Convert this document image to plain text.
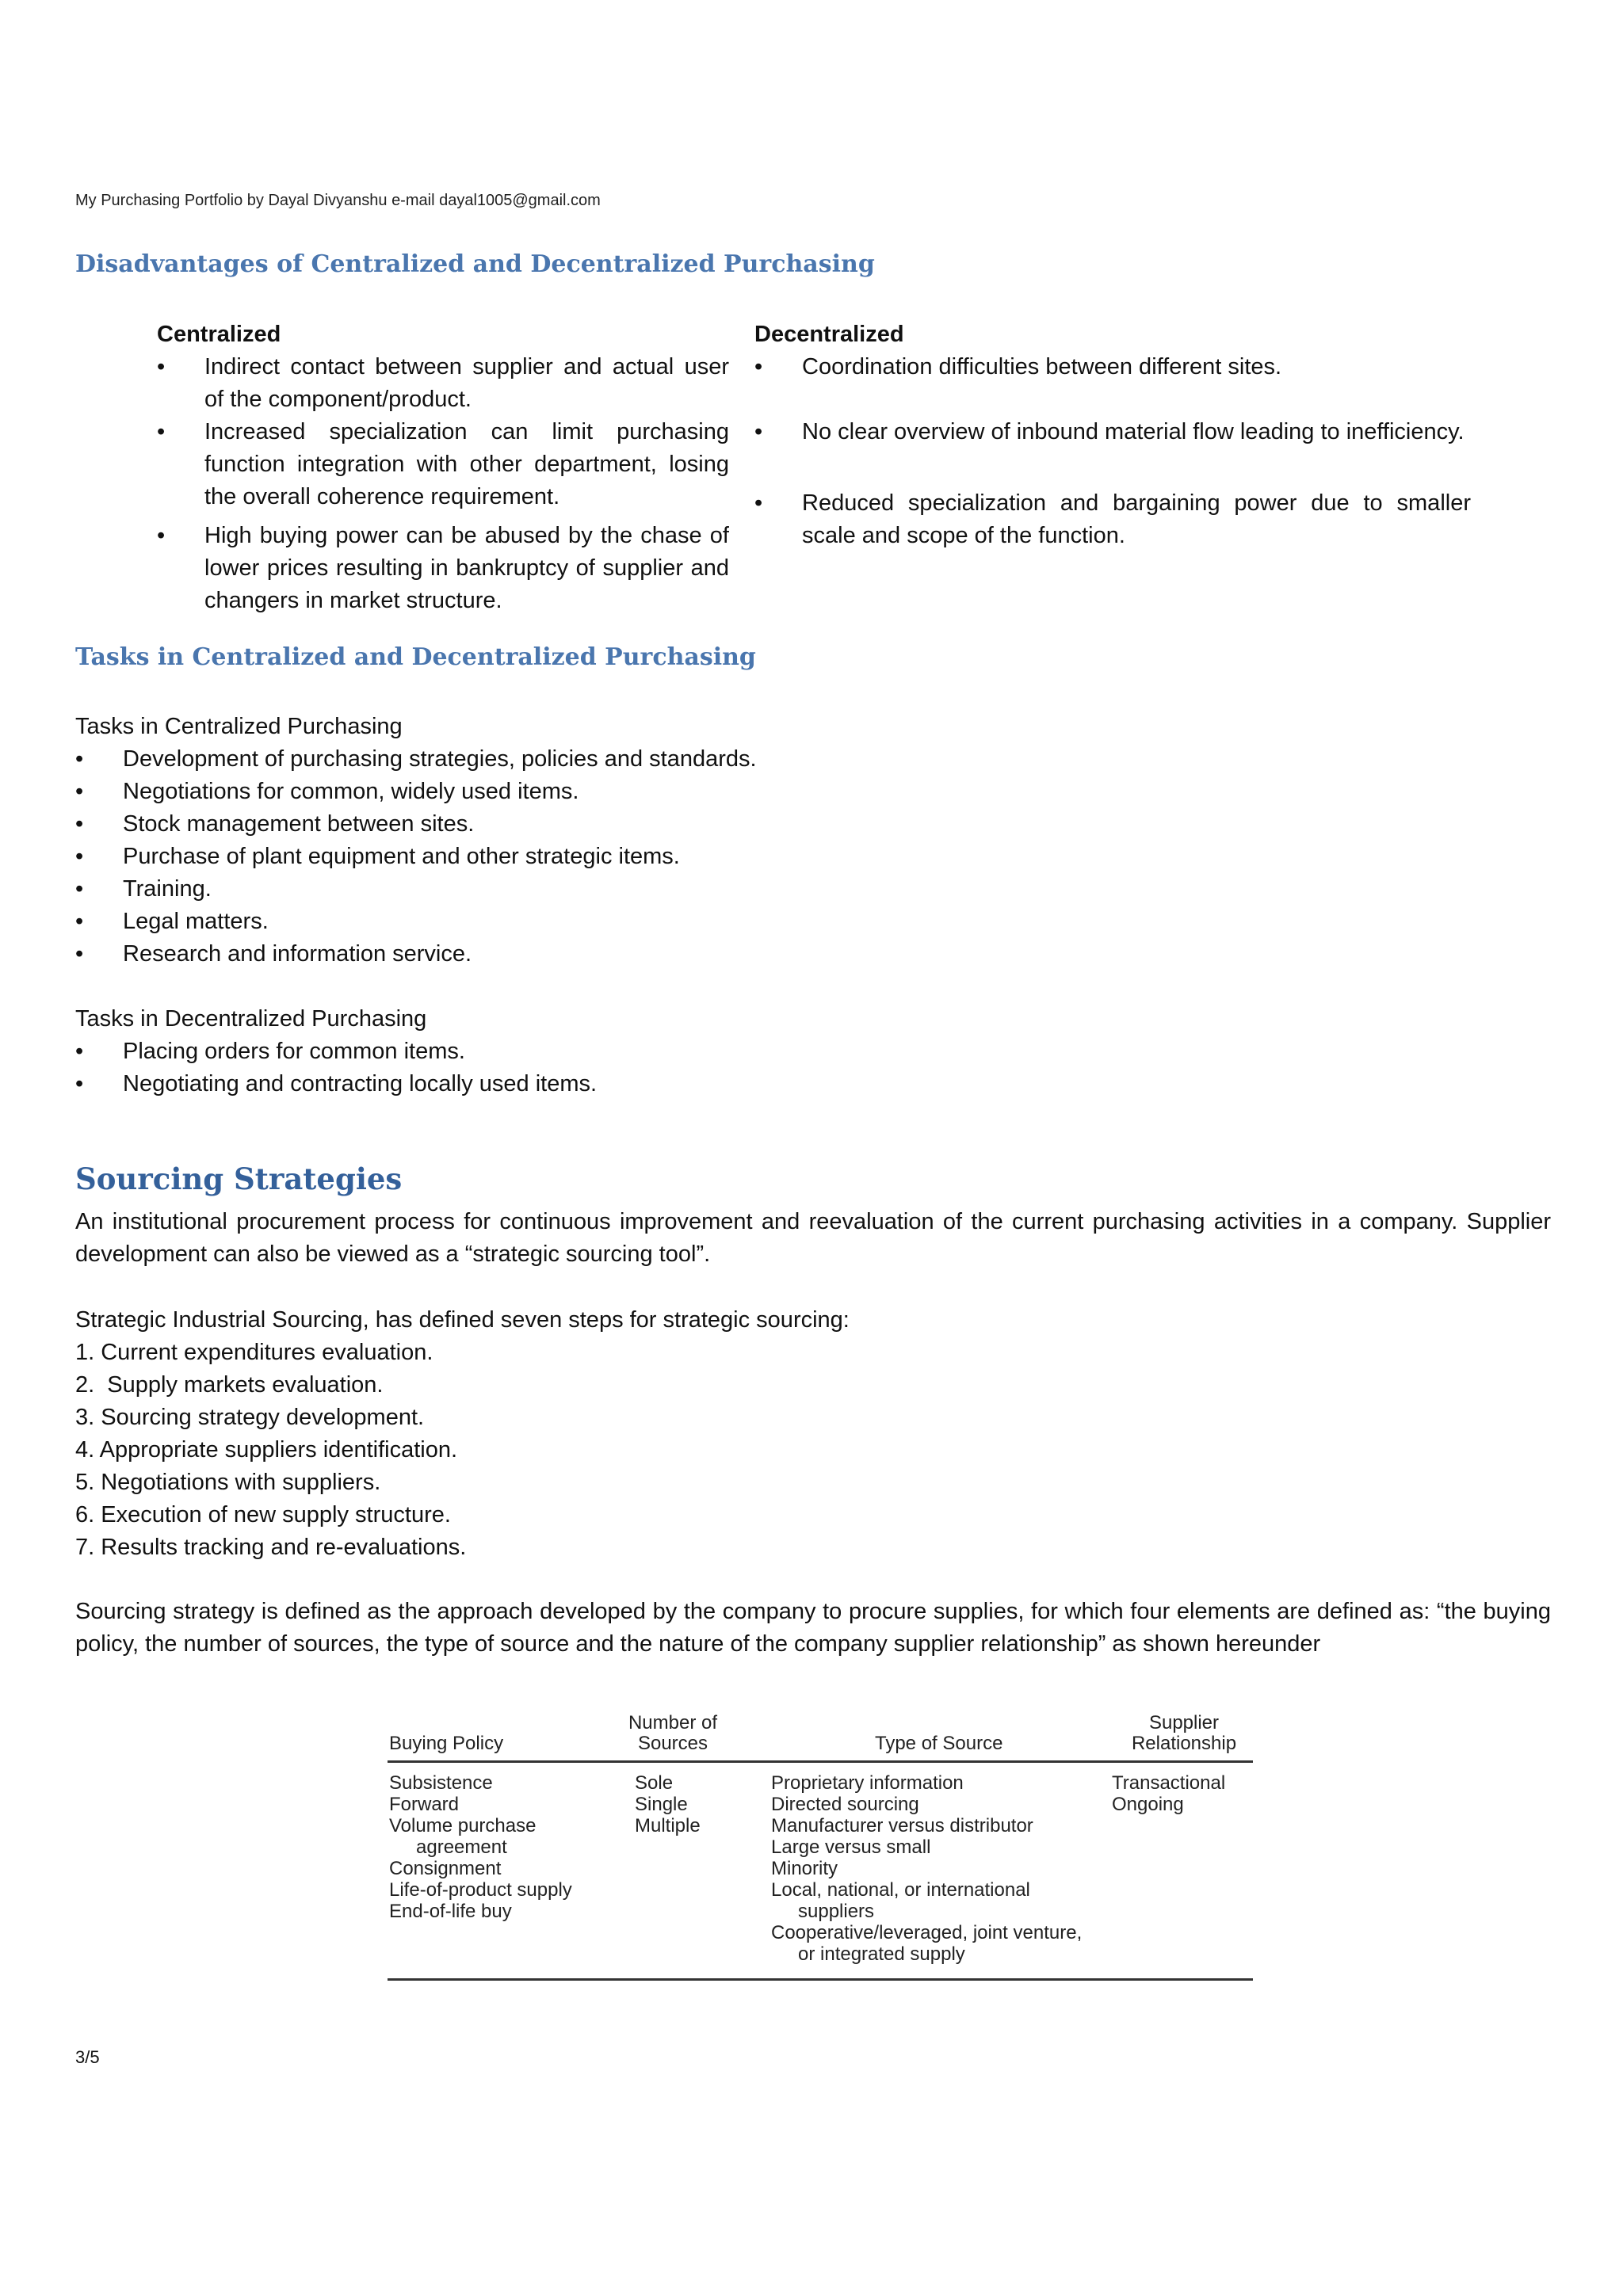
My Purchasing Portfolio by Dayal Divyanshu e-mail dayal1005@gmail.com
Disadvantages of Centralized and Decentralized Purchasing
Centralized
• Indirect contact between supplier and actual user of the component/product.
• Increased specialization can limit purchasing function integration with other department, losing the overall coherence requirement.
• High buying power can be abused by the chase of lower prices resulting in bankruptcy of supplier and changers in market structure.
Decentralized
• Coordination difficulties between different sites.
• No clear overview of inbound material flow leading to inefficiency.
• Reduced specialization and bargaining power due to smaller scale and scope of the function.
Tasks in Centralized and Decentralized Purchasing
Tasks in Centralized Purchasing
• Development of purchasing strategies, policies and standards.
• Negotiations for common, widely used items.
• Stock management between sites.
• Purchase of plant equipment and other strategic items.
• Training.
• Legal matters.
• Research and information service.
Tasks in Decentralized Purchasing
• Placing orders for common items.
• Negotiating and contracting locally used items.
Sourcing Strategies
An institutional procurement process for continuous improvement and reevaluation of the current purchasing activities in a company. Supplier development can also be viewed as a “strategic sourcing tool”.
Strategic Industrial Sourcing, has defined seven steps for strategic sourcing:
1. Current expenditures evaluation.
2.  Supply markets evaluation.
3. Sourcing strategy development.
4. Appropriate suppliers identification.
5. Negotiations with suppliers.
6. Execution of new supply structure.
7. Results tracking and re-evaluations.
Sourcing strategy is defined as the approach developed by the company to procure supplies, for which four elements are defined as: “the buying policy, the number of sources, the type of source and the nature of the company supplier relationship” as shown hereunder
Buying Policy
Number of
Sources	Type of Source
Supplier
Relationship
Subsistence
Forward
Volume purchase
agreement
Consignment
Life-of-product supply
End-of-life buy
Sole
Single
Multiple
Proprietary information
Directed sourcing
Manufacturer versus distributor
Large versus small
Minority
Local, national, or international
suppliers
Cooperative/leveraged, joint venture,
or integrated supply
Transactional
Ongoing
3/5
